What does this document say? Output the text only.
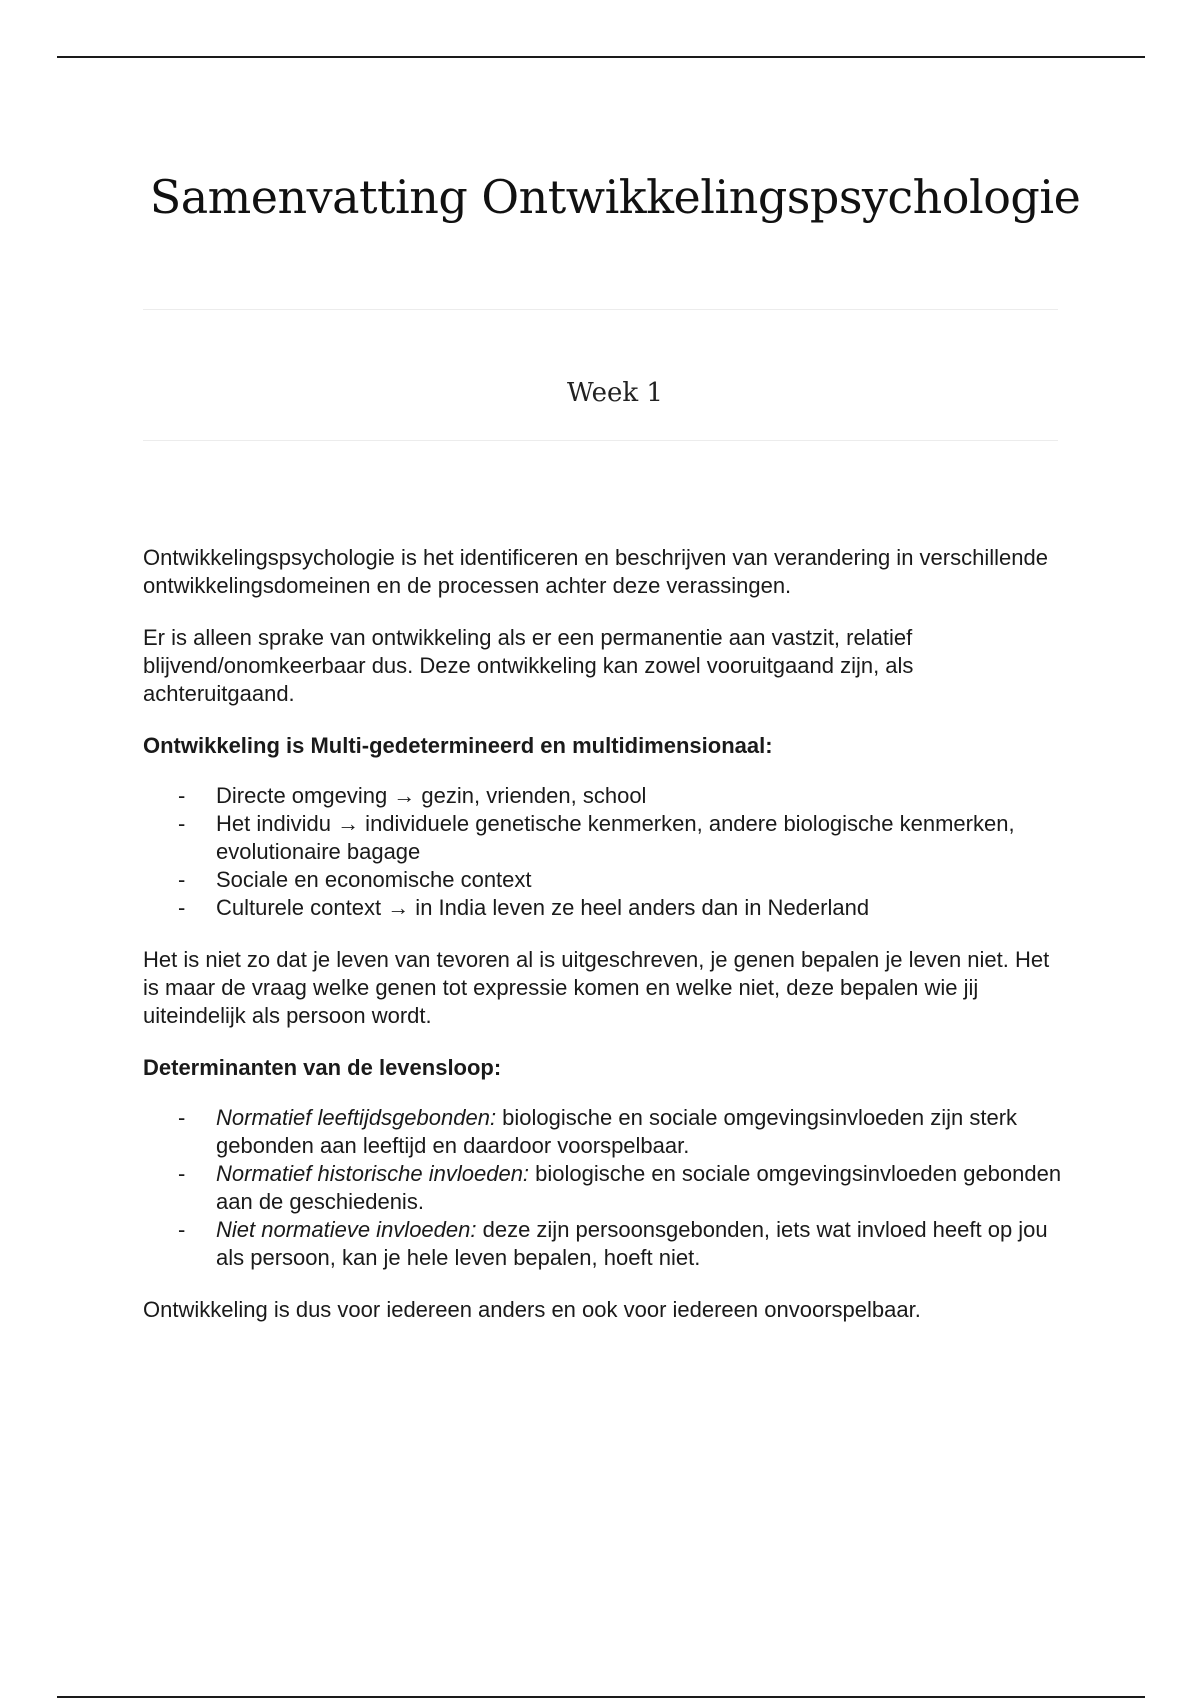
Samenvatting Ontwikkelingspsychologie
Week 1

Ontwikkelingspsychologie is het identificeren en beschrijven van verandering in verschillende ontwikkelingsdomeinen en de processen achter deze verassingen.

Er is alleen sprake van ontwikkeling als er een permanentie aan vastzit, relatief blijvend/onomkeerbaar dus. Deze ontwikkeling kan zowel vooruitgaand zijn, als achteruitgaand.

Ontwikkeling is Multi-gedetermineerd en multidimensionaal:

- Directe omgeving → gezin, vrienden, school
- Het individu → individuele genetische kenmerken, andere biologische kenmerken, evolutionaire bagage
- Sociale en economische context
- Culturele context → in India leven ze heel anders dan in Nederland

Het is niet zo dat je leven van tevoren al is uitgeschreven, je genen bepalen je leven niet. Het is maar de vraag welke genen tot expressie komen en welke niet, deze bepalen wie jij uiteindelijk als persoon wordt.

Determinanten van de levensloop:

- Normatief leeftijdsgebonden: biologische en sociale omgevingsinvloeden zijn sterk gebonden aan leeftijd en daardoor voorspelbaar.
- Normatief historische invloeden: biologische en sociale omgevingsinvloeden gebonden aan de geschiedenis.
- Niet normatieve invloeden: deze zijn persoonsgebonden, iets wat invloed heeft op jou als persoon, kan je hele leven bepalen, hoeft niet.

Ontwikkeling is dus voor iedereen anders en ook voor iedereen onvoorspelbaar.
